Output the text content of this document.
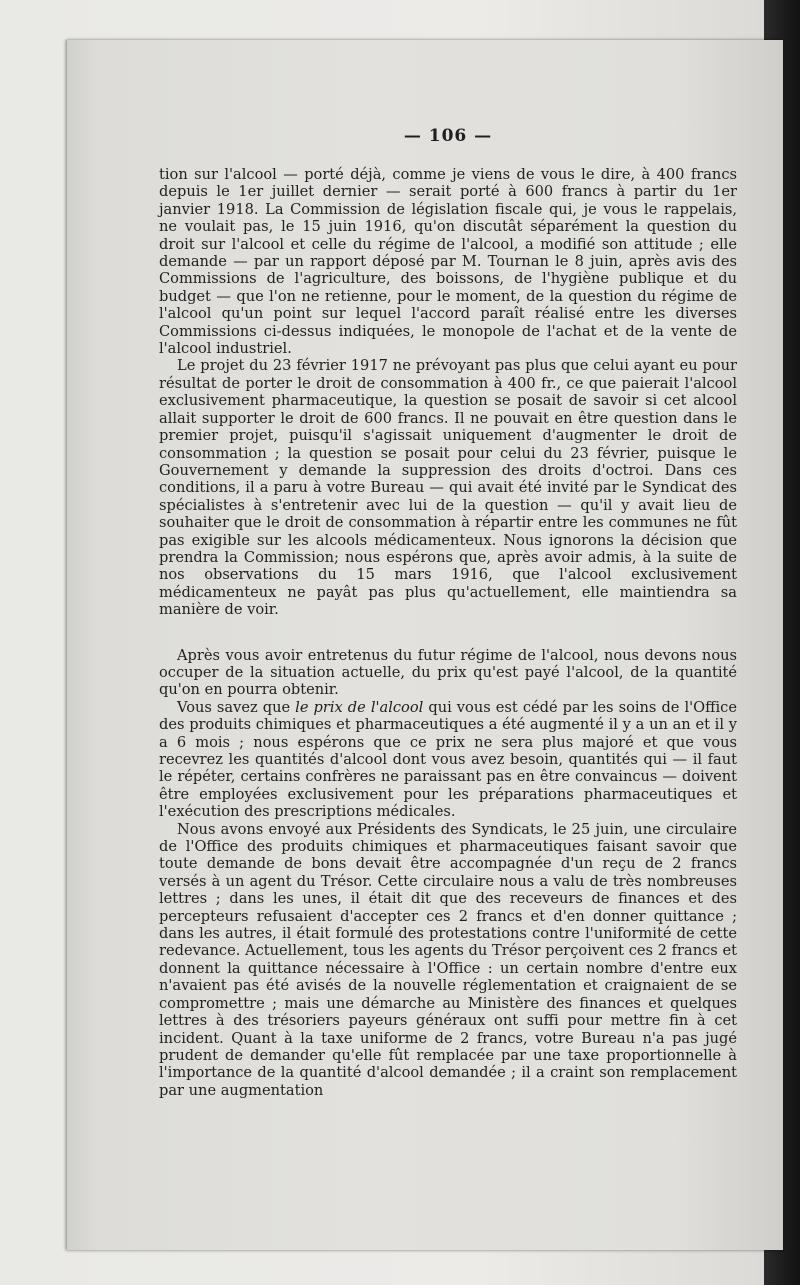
— 106 —

tion sur l'alcool — porté déjà, comme je viens de vous le dire, à 400 francs depuis le 1er juillet dernier — serait porté à 600 francs à partir du 1er janvier 1918. La Commission de législation fiscale qui, je vous le rappelais, ne voulait pas, le 15 juin 1916, qu'on discutât séparément la question du droit sur l'alcool et celle du régime de l'alcool, a modifié son attitude ; elle demande — par un rapport déposé par M. Tournan le 8 juin, après avis des Commissions de l'agriculture, des boissons, de l'hygiène publique et du budget — que l'on ne retienne, pour le moment, de la question du régime de l'alcool qu'un point sur lequel l'accord paraît réalisé entre les diverses Commissions ci-dessus indiquées, le monopole de l'achat et de la vente de l'alcool industriel.

Le projet du 23 février 1917 ne prévoyant pas plus que celui ayant eu pour résultat de porter le droit de consommation à 400 fr., ce que paierait l'alcool exclusivement pharmaceutique, la question se posait de savoir si cet alcool allait supporter le droit de 600 francs. Il ne pouvait en être question dans le premier projet, puisqu'il s'agissait uniquement d'augmenter le droit de consommation ; la question se posait pour celui du 23 février, puisque le Gouvernement y demande la suppression des droits d'octroi. Dans ces conditions, il a paru à votre Bureau — qui avait été invité par le Syndicat des spécialistes à s'entretenir avec lui de la question — qu'il y avait lieu de souhaiter que le droit de consommation à répartir entre les communes ne fût pas exigible sur les alcools médicamenteux. Nous ignorons la décision que prendra la Commission; nous espérons que, après avoir admis, à la suite de nos observations du 15 mars 1916, que l'alcool exclusivement médicamenteux ne payât pas plus qu'actuellement, elle maintiendra sa manière de voir.

Après vous avoir entretenus du futur régime de l'alcool, nous devons nous occuper de la situation actuelle, du prix qu'est payé l'alcool, de la quantité qu'on en pourra obtenir.

Vous savez que le prix de l'alcool qui vous est cédé par les soins de l'Office des produits chimiques et pharmaceutiques a été augmenté il y a un an et il y a 6 mois ; nous espérons que ce prix ne sera plus majoré et que vous recevrez les quantités d'alcool dont vous avez besoin, quantités qui — il faut le répéter, certains confrères ne paraissant pas en être convaincus — doivent être employées exclusivement pour les préparations pharmaceutiques et l'exécution des prescriptions médicales.

Nous avons envoyé aux Présidents des Syndicats, le 25 juin, une circulaire de l'Office des produits chimiques et pharmaceutiques faisant savoir que toute demande de bons devait être accompagnée d'un reçu de 2 francs versés à un agent du Trésor. Cette circulaire nous a valu de très nombreuses lettres ; dans les unes, il était dit que des receveurs de finances et des percepteurs refusaient d'accepter ces 2 francs et d'en donner quittance ; dans les autres, il était formulé des protestations contre l'uniformité de cette redevance. Actuellement, tous les agents du Trésor perçoivent ces 2 francs et donnent la quittance nécessaire à l'Office : un certain nombre d'entre eux n'avaient pas été avisés de la nouvelle réglementation et craignaient de se compromettre ; mais une démarche au Ministère des finances et quelques lettres à des trésoriers payeurs généraux ont suffi pour mettre fin à cet incident. Quant à la taxe uniforme de 2 francs, votre Bureau n'a pas jugé prudent de demander qu'elle fût remplacée par une taxe proportionnelle à l'importance de la quantité d'alcool demandée ; il a craint son remplacement par une augmentation
